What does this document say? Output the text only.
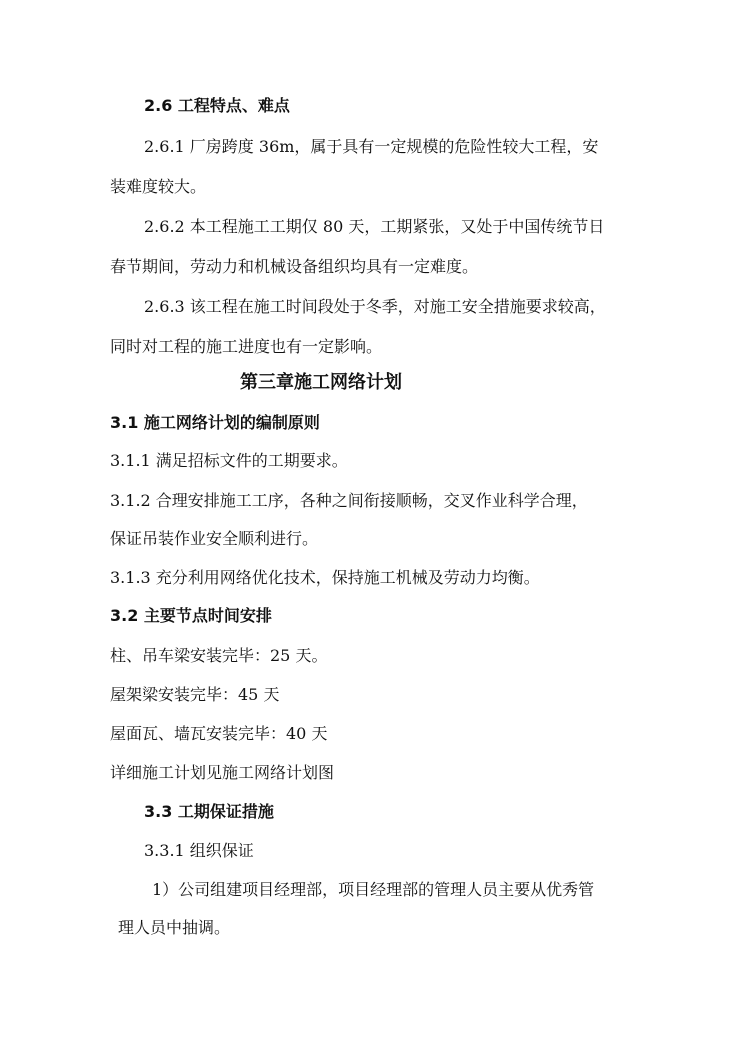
2.6 工程特点、难点

2.6.1 厂房跨度 36m，属于具有一定规模的危险性较大工程，安

装难度较大。

2.6.2 本工程施工工期仅 80 天，工期紧张，又处于中国传统节日

春节期间，劳动力和机械设备组织均具有一定难度。

2.6.3 该工程在施工时间段处于冬季，对施工安全措施要求较高，

同时对工程的施工进度也有一定影响。

第三章施工网络计划

3.1 施工网络计划的编制原则

3.1.1 满足招标文件的工期要求。

3.1.2 合理安排施工工序，各种之间衔接顺畅，交叉作业科学合理，

保证吊装作业安全顺利进行。

3.1.3 充分利用网络优化技术，保持施工机械及劳动力均衡。

3.2 主要节点时间安排

柱、吊车梁安装完毕：25 天。

屋架梁安装完毕：45 天

屋面瓦、墙瓦安装完毕：40 天

详细施工计划见施工网络计划图

3.3 工期保证措施

3.3.1 组织保证

1）公司组建项目经理部，项目经理部的管理人员主要从优秀管

理人员中抽调。
